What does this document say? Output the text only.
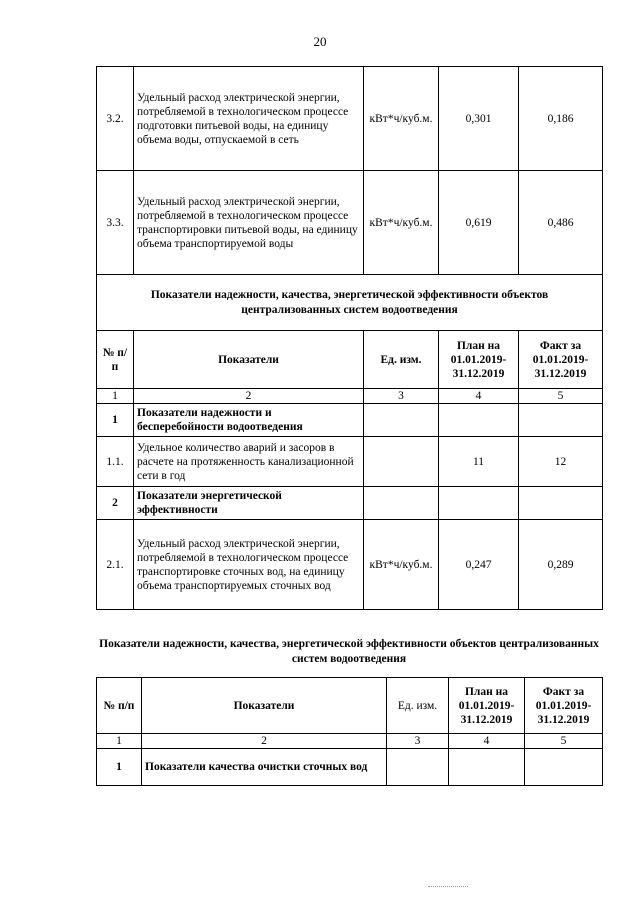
20
3.2.	Удельный расход электрической энергии, потребляемой в технологическом процессе подготовки питьевой воды, на единицу объема воды, отпускаемой в сеть	кВт*ч/куб.м.	0,301	0,186
3.3.	Удельный расход электрической энергии, потребляемой в технологическом процессе транспортировки питьевой воды, на единицу объема транспортируемой воды	кВт*ч/куб.м.	0,619	0,486
Показатели надежности, качества, энергетической эффективности объектов централизованных систем водоотведения				
№ п/п	Показатели	Ед. изм.	План на 01.01.2019-31.12.2019	Факт за 01.01.2019-31.12.2019
1	2	3	4	5
1	Показатели надежности и бесперебойности водоотведения			
1.1.	Удельное количество аварий и засоров в расчете на протяженность канализационной сети в год		11	12
2	Показатели энергетической эффективности			
2.1.	Удельный расход электрической энергии, потребляемой в технологическом процессе транспортировке сточных вод, на единицу объема транспортируемых сточных вод	кВт*ч/куб.м.	0,247	0,289
Показатели надежности, качества, энергетической эффективности объектов централизованных систем водоотведения
№ п/п	Показатели	Ед. изм.	План на 01.01.2019-31.12.2019	Факт за 01.01.2019-31.12.2019
1	2	3	4	5
1	Показатели качества очистки сточных вод			
